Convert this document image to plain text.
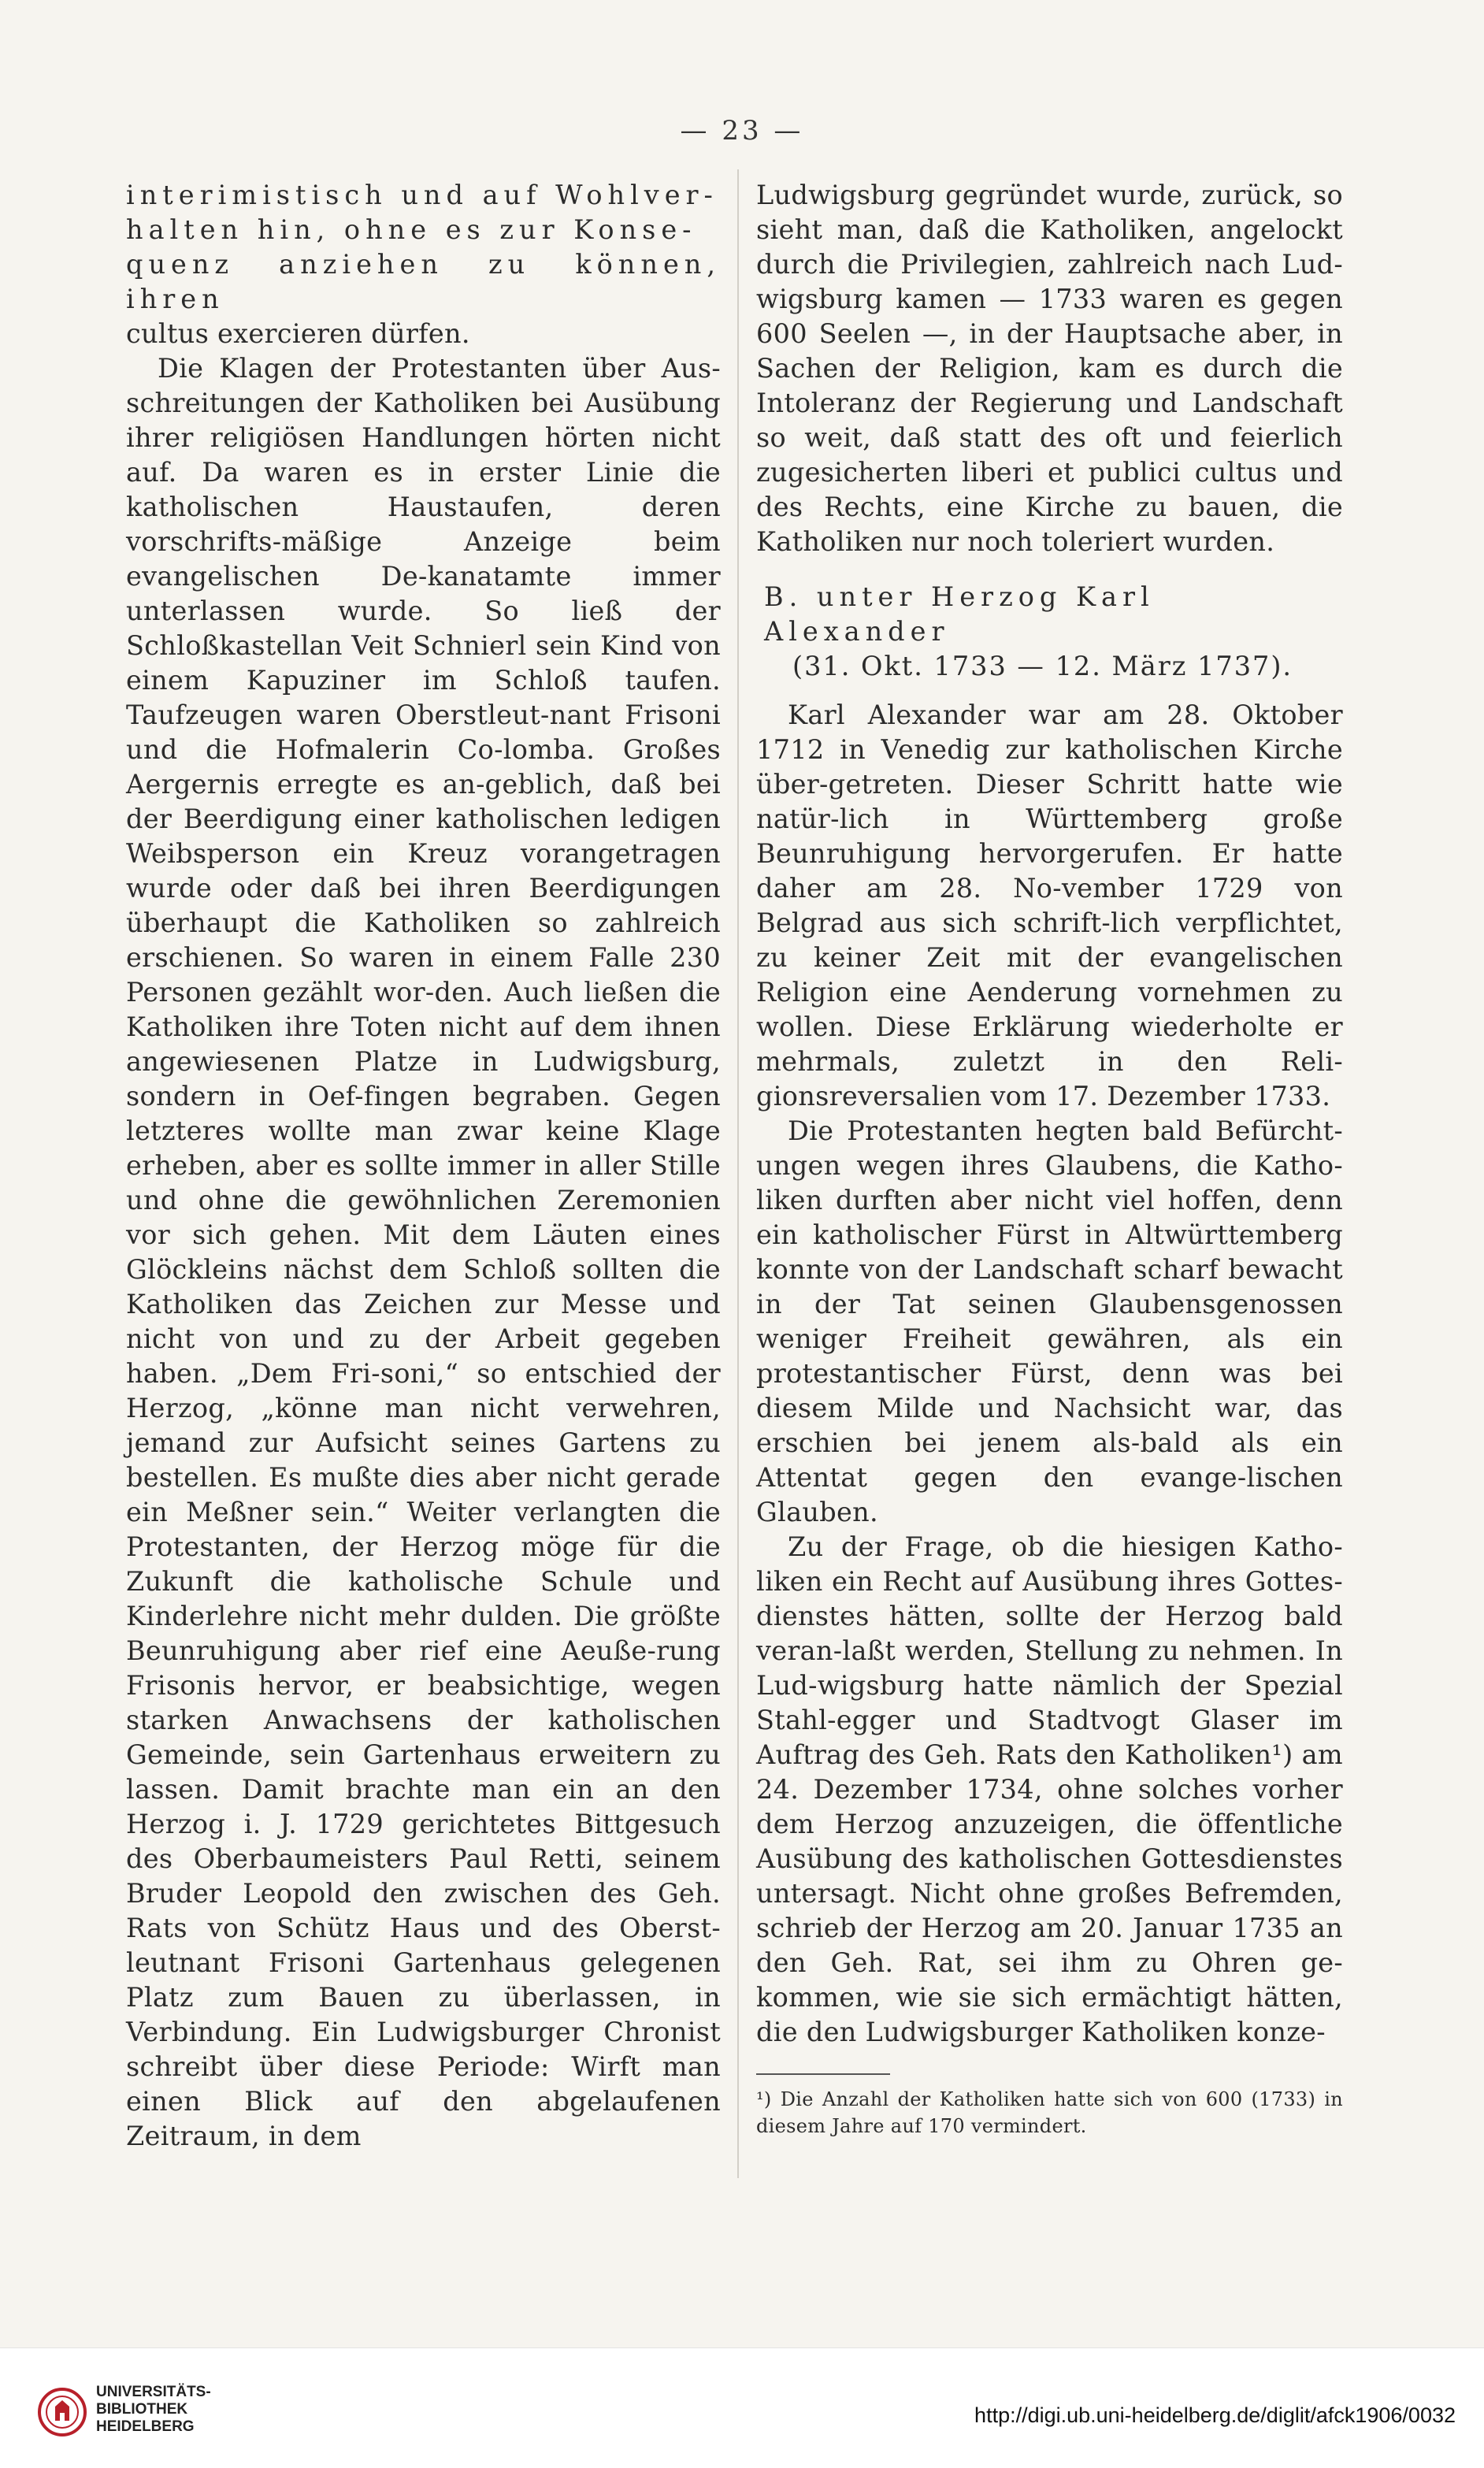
— 23 —

interimistisch und auf Wohlver-

halten hin, ohne es zur Konse-

quenz anziehen zu können, ihren

cultus exercieren dürfen.

Die Klagen der Protestanten über Aus-schreitungen der Katholiken bei Ausübung ihrer religiösen Handlungen hörten nicht auf. Da waren es in erster Linie die katholischen Haustaufen, deren vorschrifts-mäßige Anzeige beim evangelischen De-kanatamte immer unterlassen wurde. So ließ der Schloßkastellan Veit Schnierl sein Kind von einem Kapuziner im Schloß taufen. Taufzeugen waren Oberstleut-nant Frisoni und die Hofmalerin Co-lomba. Großes Aergernis erregte es an-geblich, daß bei der Beerdigung einer katholischen ledigen Weibsperson ein Kreuz vorangetragen wurde oder daß bei ihren Beerdigungen überhaupt die Katholiken so zahlreich erschienen. So waren in einem Falle 230 Personen gezählt wor-den. Auch ließen die Katholiken ihre Toten nicht auf dem ihnen angewiesenen Platze in Ludwigsburg, sondern in Oef-fingen begraben. Gegen letzteres wollte man zwar keine Klage erheben, aber es sollte immer in aller Stille und ohne die gewöhnlichen Zeremonien vor sich gehen. Mit dem Läuten eines Glöckleins nächst dem Schloß sollten die Katholiken das Zeichen zur Messe und nicht von und zu der Arbeit gegeben haben. „Dem Fri-soni,“ so entschied der Herzog, „könne man nicht verwehren, jemand zur Aufsicht seines Gartens zu bestellen. Es mußte dies aber nicht gerade ein Meßner sein.“ Weiter verlangten die Protestanten, der Herzog möge für die Zukunft die katholische Schule und Kinderlehre nicht mehr dulden. Die größte Beunruhigung aber rief eine Aeuße-rung Frisonis hervor, er beabsichtige, wegen starken Anwachsens der katholischen Gemeinde, sein Gartenhaus erweitern zu lassen. Damit brachte man ein an den Herzog i. J. 1729 gerichtetes Bittgesuch des Oberbaumeisters Paul Retti, seinem Bruder Leopold den zwischen des Geh. Rats von Schütz Haus und des Oberst-leutnant Frisoni Gartenhaus gelegenen Platz zum Bauen zu überlassen, in Verbindung. Ein Ludwigsburger Chronist schreibt über diese Periode: Wirft man einen Blick auf den abgelaufenen Zeitraum, in dem

Ludwigsburg gegründet wurde, zurück, so sieht man, daß die Katholiken, angelockt durch die Privilegien, zahlreich nach Lud-wigsburg kamen — 1733 waren es gegen 600 Seelen —, in der Hauptsache aber, in Sachen der Religion, kam es durch die Intoleranz der Regierung und Landschaft so weit, daß statt des oft und feierlich zugesicherten liberi et publici cultus und des Rechts, eine Kirche zu bauen, die Katholiken nur noch toleriert wurden.

B. unter Herzog Karl Alexander
(31. Okt. 1733 — 12. März 1737).

Karl Alexander war am 28. Oktober 1712 in Venedig zur katholischen Kirche über-getreten. Dieser Schritt hatte wie natür-lich in Württemberg große Beunruhigung hervorgerufen. Er hatte daher am 28. No-vember 1729 von Belgrad aus sich schrift-lich verpflichtet, zu keiner Zeit mit der evangelischen Religion eine Aenderung vornehmen zu wollen. Diese Erklärung wiederholte er mehrmals, zuletzt in den Reli-gionsreversalien vom 17. Dezember 1733.

Die Protestanten hegten bald Befürcht-ungen wegen ihres Glaubens, die Katho-liken durften aber nicht viel hoffen, denn ein katholischer Fürst in Altwürttemberg konnte von der Landschaft scharf bewacht in der Tat seinen Glaubensgenossen weniger Freiheit gewähren, als ein protestantischer Fürst, denn was bei diesem Milde und Nachsicht war, das erschien bei jenem als-bald als ein Attentat gegen den evange-lischen Glauben.

Zu der Frage, ob die hiesigen Katho-liken ein Recht auf Ausübung ihres Gottes-dienstes hätten, sollte der Herzog bald veran-laßt werden, Stellung zu nehmen. In Lud-wigsburg hatte nämlich der Spezial Stahl-egger und Stadtvogt Glaser im Auftrag des Geh. Rats den Katholiken¹) am 24. Dezember 1734, ohne solches vorher dem Herzog anzuzeigen, die öffentliche Ausübung des katholischen Gottesdienstes untersagt. Nicht ohne großes Befremden, schrieb der Herzog am 20. Januar 1735 an den Geh. Rat, sei ihm zu Ohren ge-kommen, wie sie sich ermächtigt hätten, die den Ludwigsburger Katholiken konze-

¹) Die Anzahl der Katholiken hatte sich von 600 (1733) in diesem Jahre auf 170 vermindert.
UNIVERSITÄTS-
BIBLIOTHEK
HEIDELBERG	http://digi.ub.uni-heidelberg.de/diglit/afck1906/0032
